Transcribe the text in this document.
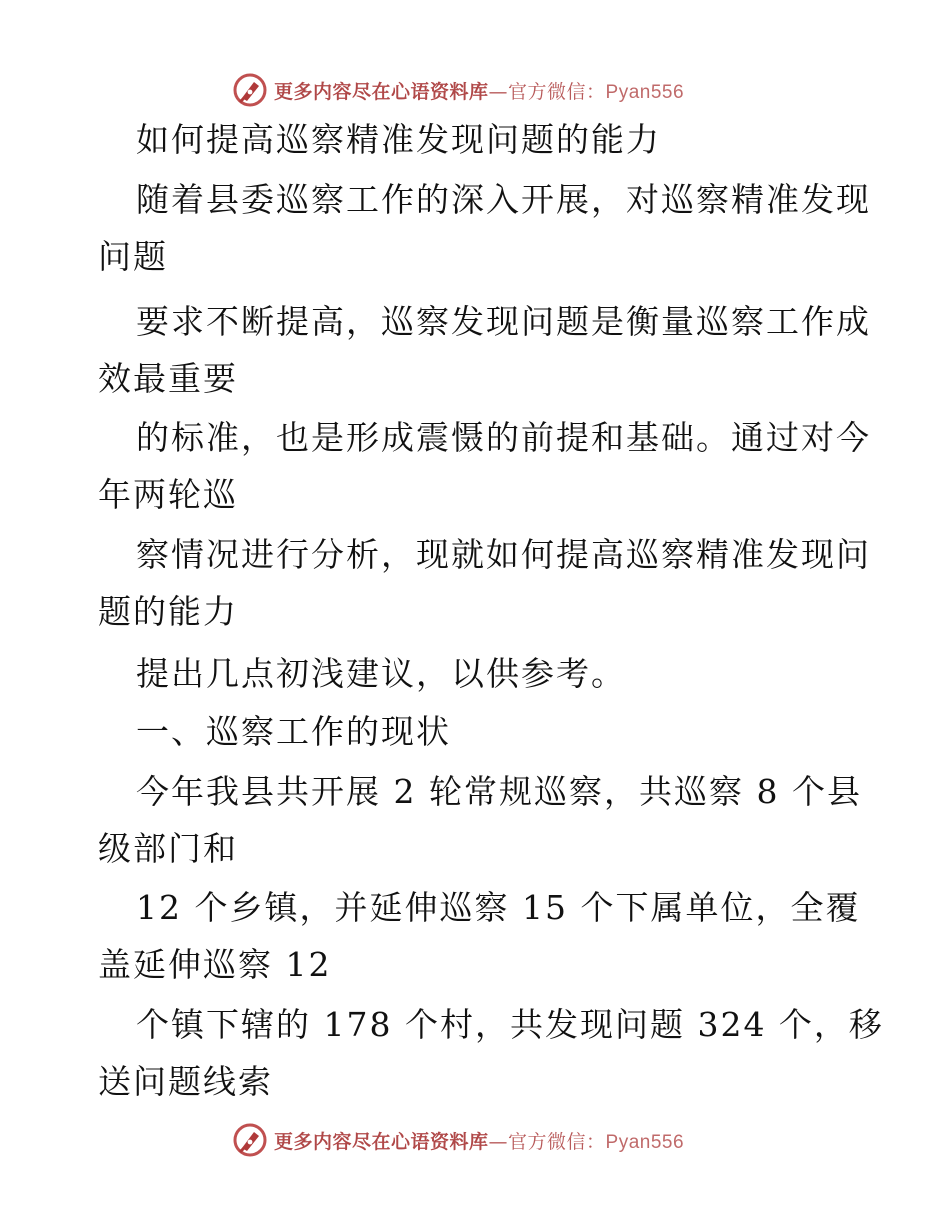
更多内容尽在心语资料库—官方微信：Pyan556
如何提高巡察精准发现问题的能力
随着县委巡察工作的深入开展，对巡察精准发现
问题
要求不断提高，巡察发现问题是衡量巡察工作成
效最重要
的标准，也是形成震慑的前提和基础。通过对今
年两轮巡
察情况进行分析，现就如何提高巡察精准发现问
题的能力
提出几点初浅建议，以供参考。
一、巡察工作的现状
今年我县共开展 2 轮常规巡察，共巡察 8 个县
级部门和
12 个乡镇，并延伸巡察 15 个下属单位，全覆
盖延伸巡察 12
个镇下辖的 178 个村，共发现问题 324 个，移
送问题线索
更多内容尽在心语资料库—官方微信：Pyan556
